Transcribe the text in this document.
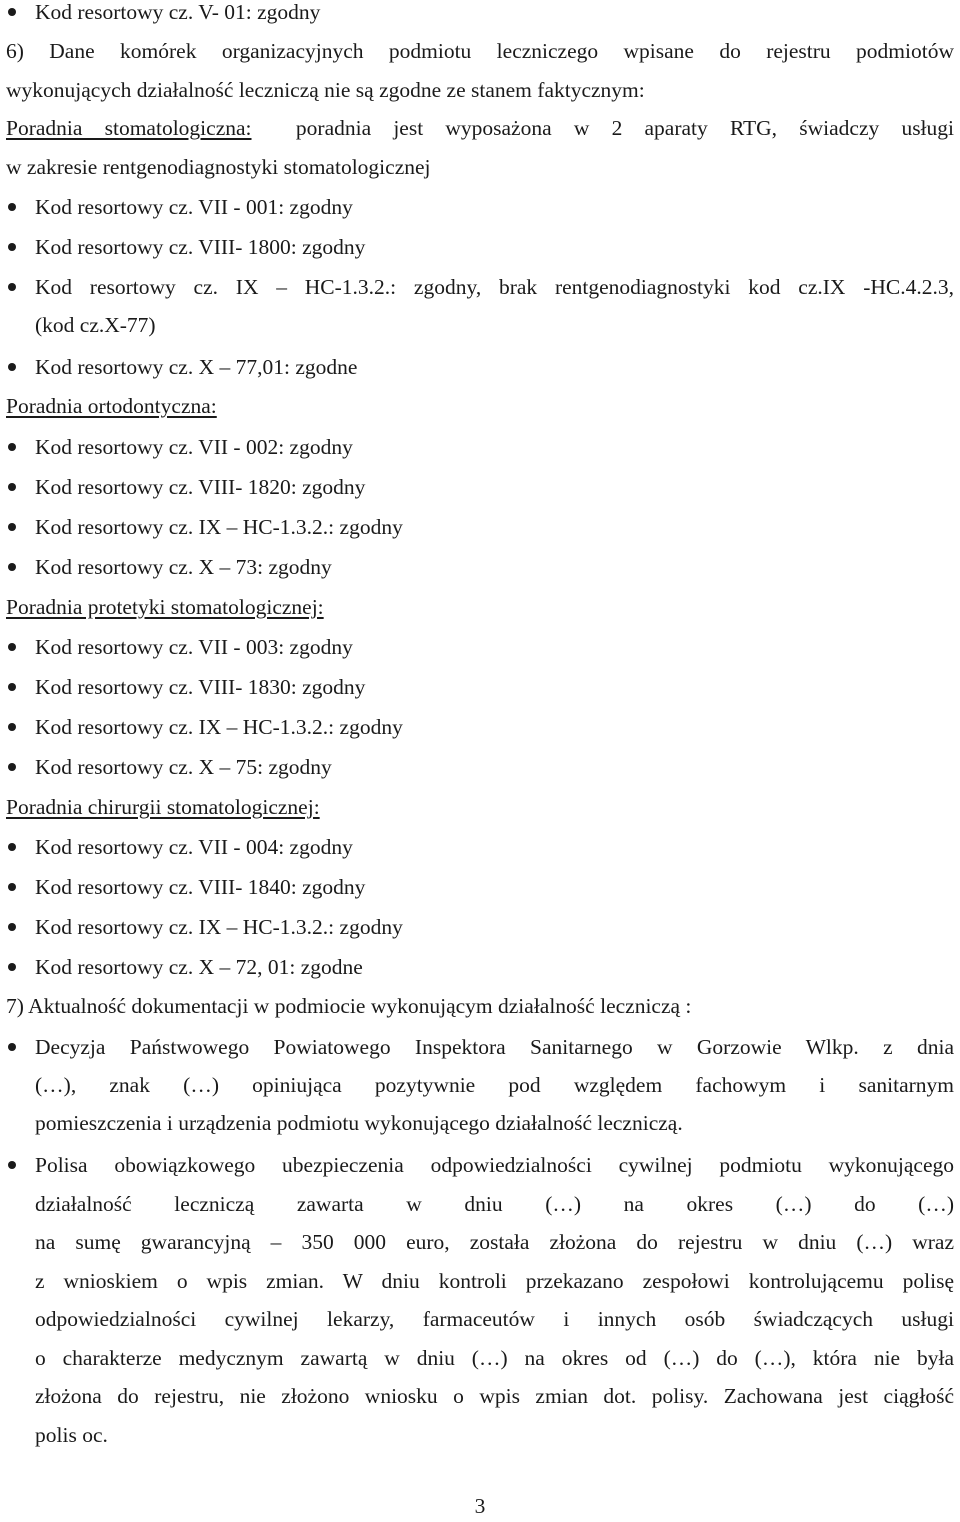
Kod resortowy cz. V- 01: zgodny
6) Dane komórek organizacyjnych podmiotu leczniczego wpisane do rejestru podmiotów
wykonujących działalność leczniczą nie są zgodne ze stanem faktycznym:
Poradnia stomatologiczna: poradnia jest wyposażona w 2 aparaty RTG, świadczy usługi
w zakresie rentgenodiagnostyki stomatologicznej
Kod resortowy cz. VII - 001: zgodny
Kod resortowy cz. VIII- 1800: zgodny
Kod resortowy cz. IX – HC-1.3.2.: zgodny, brak rentgenodiagnostyki kod cz.IX -HC.4.2.3,
(kod cz.X-77)
Kod resortowy cz. X – 77,01: zgodne
Poradnia ortodontyczna:
Kod resortowy cz. VII - 002: zgodny
Kod resortowy cz. VIII- 1820: zgodny
Kod resortowy cz. IX – HC-1.3.2.: zgodny
Kod resortowy cz. X – 73: zgodny
Poradnia protetyki stomatologicznej:
Kod resortowy cz. VII - 003: zgodny
Kod resortowy cz. VIII- 1830: zgodny
Kod resortowy cz. IX – HC-1.3.2.: zgodny
Kod resortowy cz. X – 75: zgodny
Poradnia chirurgii stomatologicznej:
Kod resortowy cz. VII - 004: zgodny
Kod resortowy cz. VIII- 1840: zgodny
Kod resortowy cz. IX – HC-1.3.2.: zgodny
Kod resortowy cz. X – 72, 01: zgodne
7) Aktualność dokumentacji w podmiocie wykonującym działalność leczniczą :
Decyzja Państwowego Powiatowego Inspektora Sanitarnego w Gorzowie Wlkp. z dnia
(…), znak (…) opiniująca pozytywnie pod względem fachowym i sanitarnym
pomieszczenia i urządzenia podmiotu wykonującego działalność leczniczą.
Polisa obowiązkowego ubezpieczenia odpowiedzialności cywilnej podmiotu wykonującego
działalność leczniczą zawarta w dniu (…) na okres (…) do (…)
na sumę gwarancyjną – 350 000 euro, została złożona do rejestru w dniu (…) wraz
z wnioskiem o wpis zmian. W dniu kontroli przekazano zespołowi kontrolującemu polisę
odpowiedzialności cywilnej lekarzy, farmaceutów i innych osób świadczących usługi
o charakterze medycznym zawartą w dniu (…) na okres od (…) do (…), która nie była
złożona do rejestru, nie złożono wniosku o wpis zmian dot. polisy. Zachowana jest ciągłość
polis oc.
3
